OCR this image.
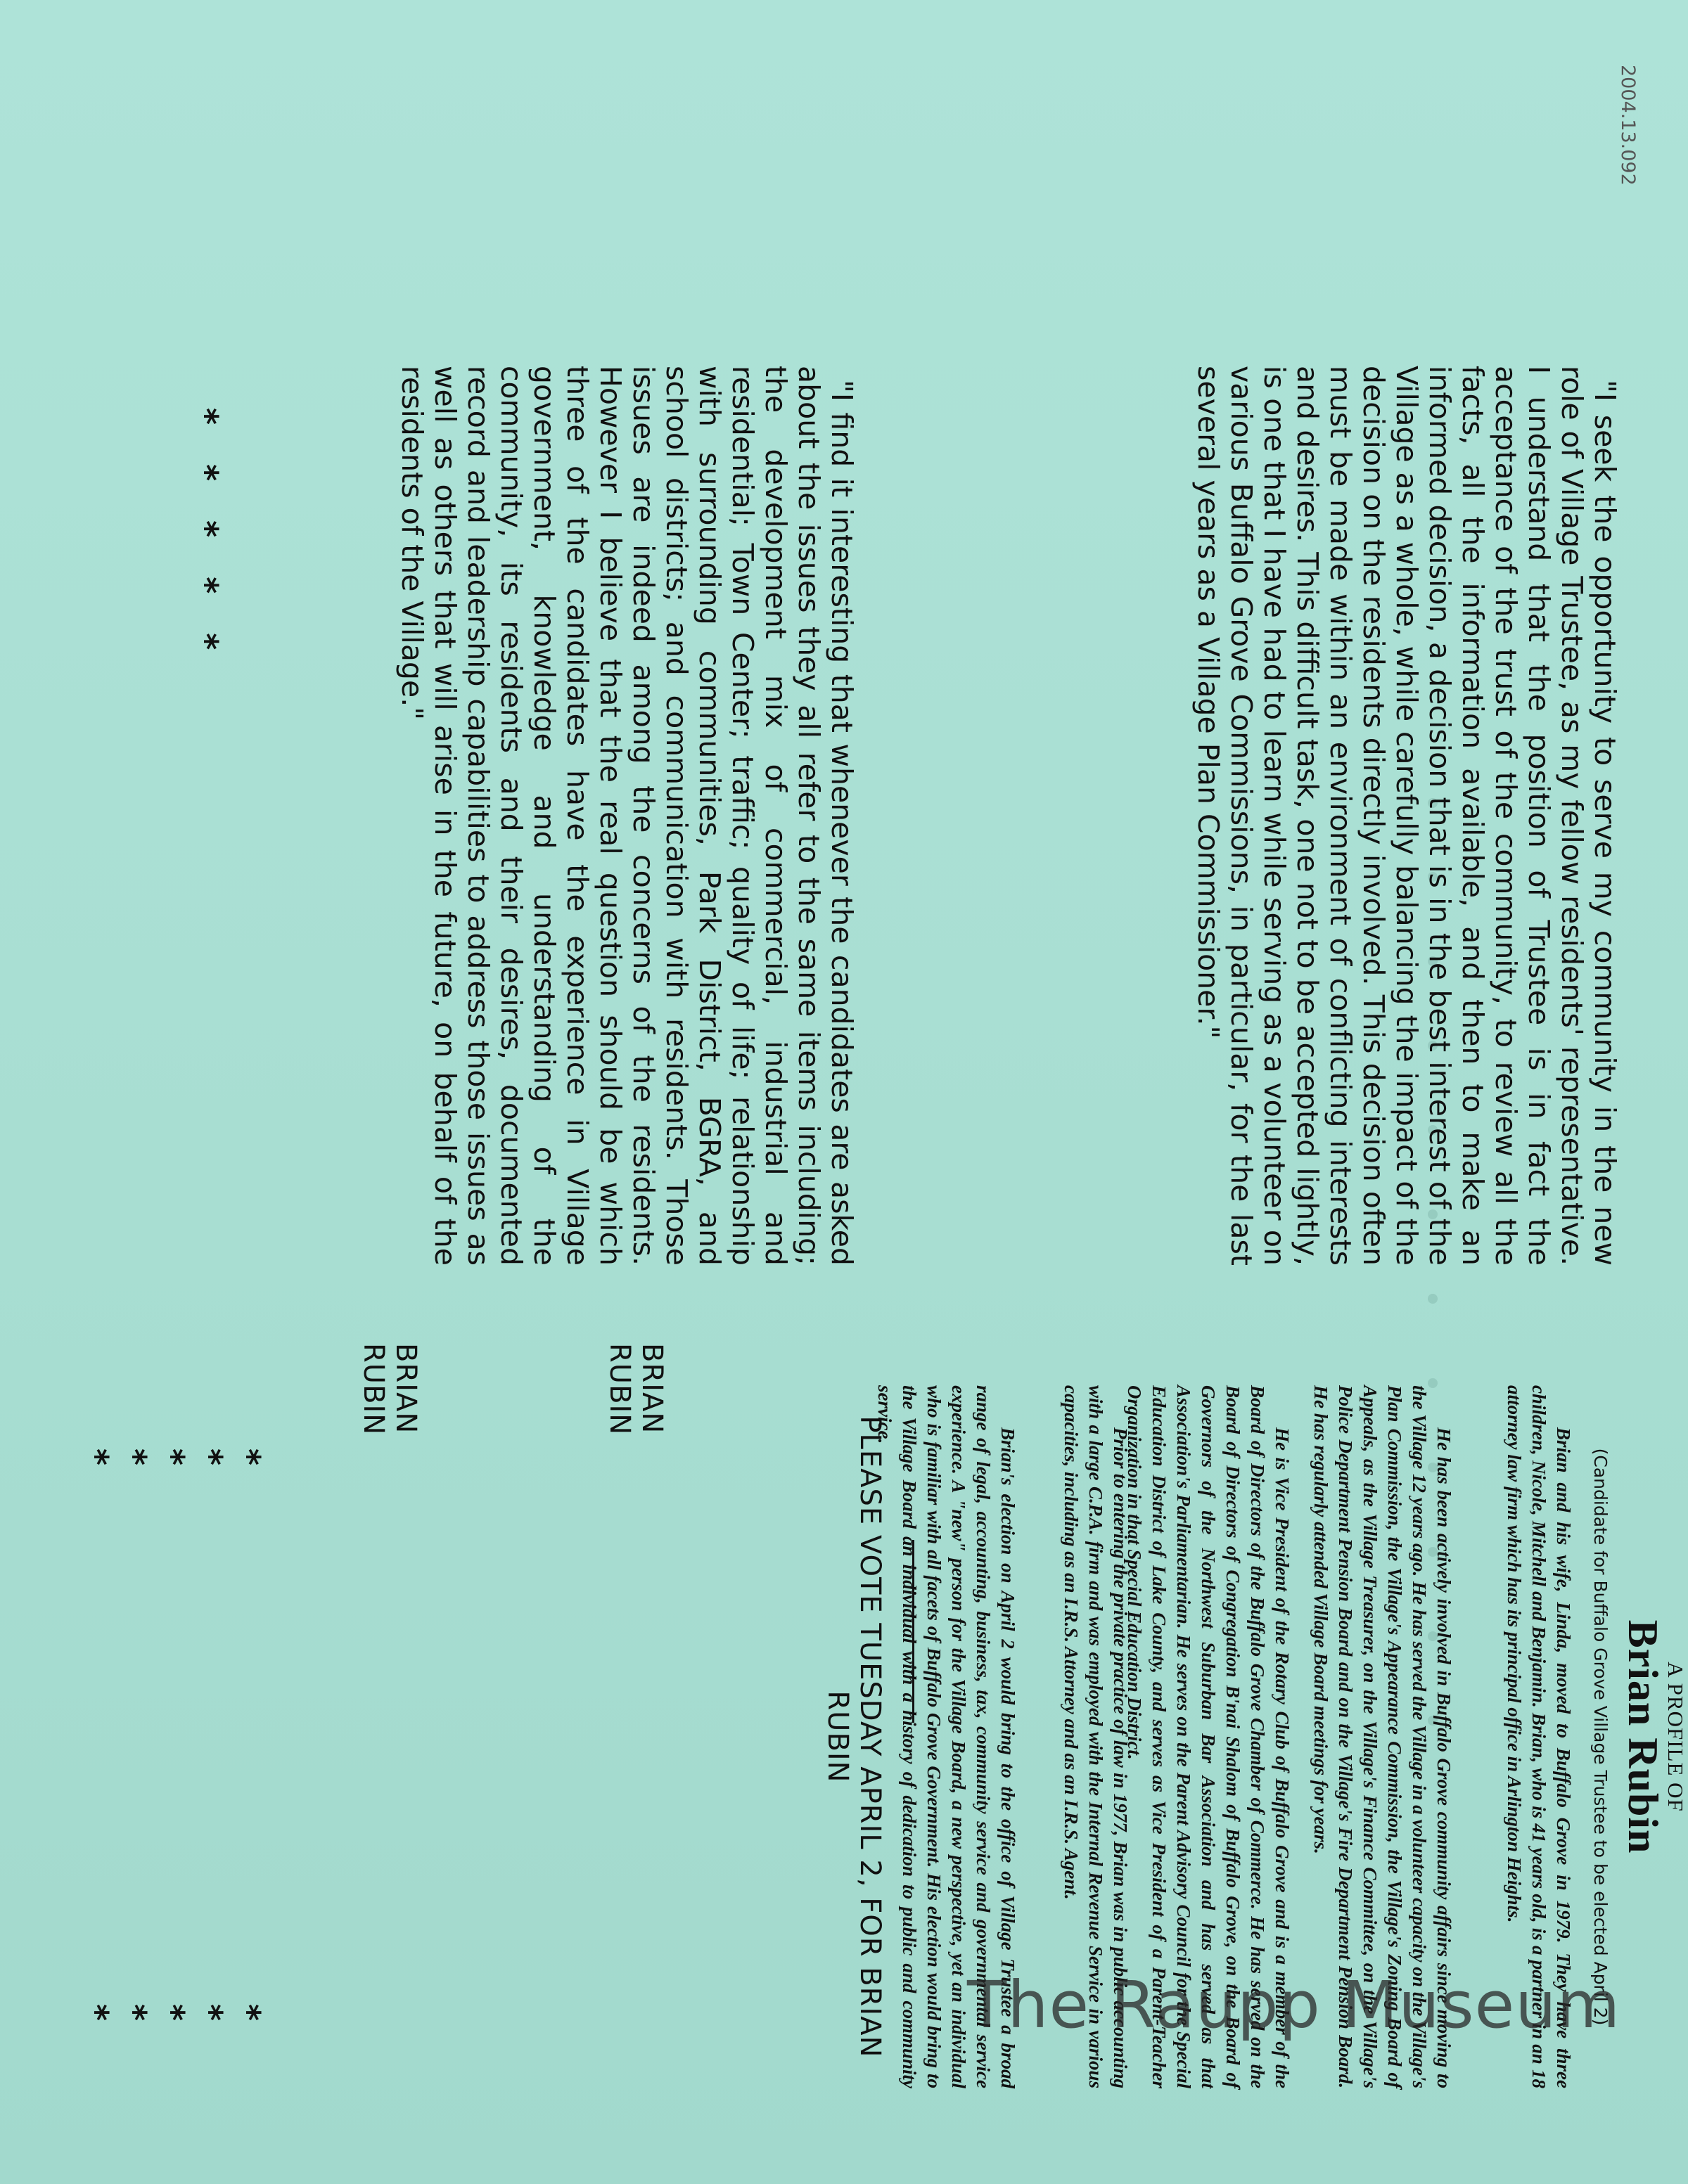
* * * * *	"I seek the opportunity to serve my community in the new role of Village Trustee, as my fellow residents' representative. I understand that the position of Trustee is in fact the acceptance of the trust of the community, to review all the facts, all the information available, and then to make an informed decision, a decision that is in the best interest of the Village as a whole, while carefully balancing the impact of the decision on the residents directly involved. This decision often must be made within an environment of conflicting interests and desires. This difficult task, one not to be accepted lightly, is one that I have had to learn while serving as a volunteer on various Buffalo Grove Commissions, in particular, for the last several years as a Village Plan Commissioner."

BRIAN RUBIN
* * * * *

"I find it interesting that whenever the candidates are asked about the issues they all refer to the same items including; the development mix of commercial, industrial and residential; Town Center; traffic; quality of life; relationship with surrounding communities, Park District, BGRA, and school districts; and communication with residents. Those issues are indeed among the concerns of the residents. However I believe that the real question should be which three of the candidates have the experience in Village government, knowledge and understanding of the community, its residents and their desires, documented record and leadership capabilities to address those issues as well as others that will arise in the future, on behalf of the residents of the Village."

BRIAN RUBIN
* * * * *
A PROFILE OF
Brian Rubin
(Candidate for Buffalo Grove Village Trustee to be elected April 2)

Brian and his wife, Linda, moved to Buffalo Grove in 1979. They have three children, Nicole, Mitchell and Benjamin. Brian, who is 41 years old, is a partner in an 18 attorney law firm which has its principal office in Arlington Heights.

He has been actively involved in Buffalo Grove community affairs since moving to the Village 12 years ago. He has served the Village in a volunteer capacity on the Village's Plan Commission, the Village's Appearance Commission, the Village's Zoning Board of Appeals, as the Village Treasurer, on the Village's Finance Committee, on the Village's Police Department Pension Board and on the Village's Fire Department Pension Board. He has regularly attended Village Board meetings for years.

He is Vice President of the Rotary Club of Buffalo Grove and is a member of the Board of Directors of the Buffalo Grove Chamber of Commerce. He has served on the Board of Directors of Congregation B'nai Shalom of Buffalo Grove, on the Board of Governors of the Northwest Suburban Bar Association and has served as that Association's Parliamentarian. He serves on the Parent Advisory Council for the Special Education District of Lake County, and serves as Vice President of a Parent-Teacher Organization in that Special Education District.

Prior to entering the private practice of law in 1977, Brian was in public accounting with a large C.P.A. firm and was employed with the Internal Revenue Service in various capacities, including as an I.R.S. Attorney and as an I.R.S. Agent.

Brian's election on April 2 would bring to the office of Village Trustee a broad range of legal, accounting, business, tax, community service and governmental service experience. A "new" person for the Village Board, a new perspective, yet an individual who is familiar with all facets of Buffalo Grove Government. His election would bring to the Village Board an individual with a history of dedication to public and community service.

PLEASE VOTE TUESDAY APRIL 2, FOR BRIAN RUBIN
2004.13.092
The Raupp Museum
